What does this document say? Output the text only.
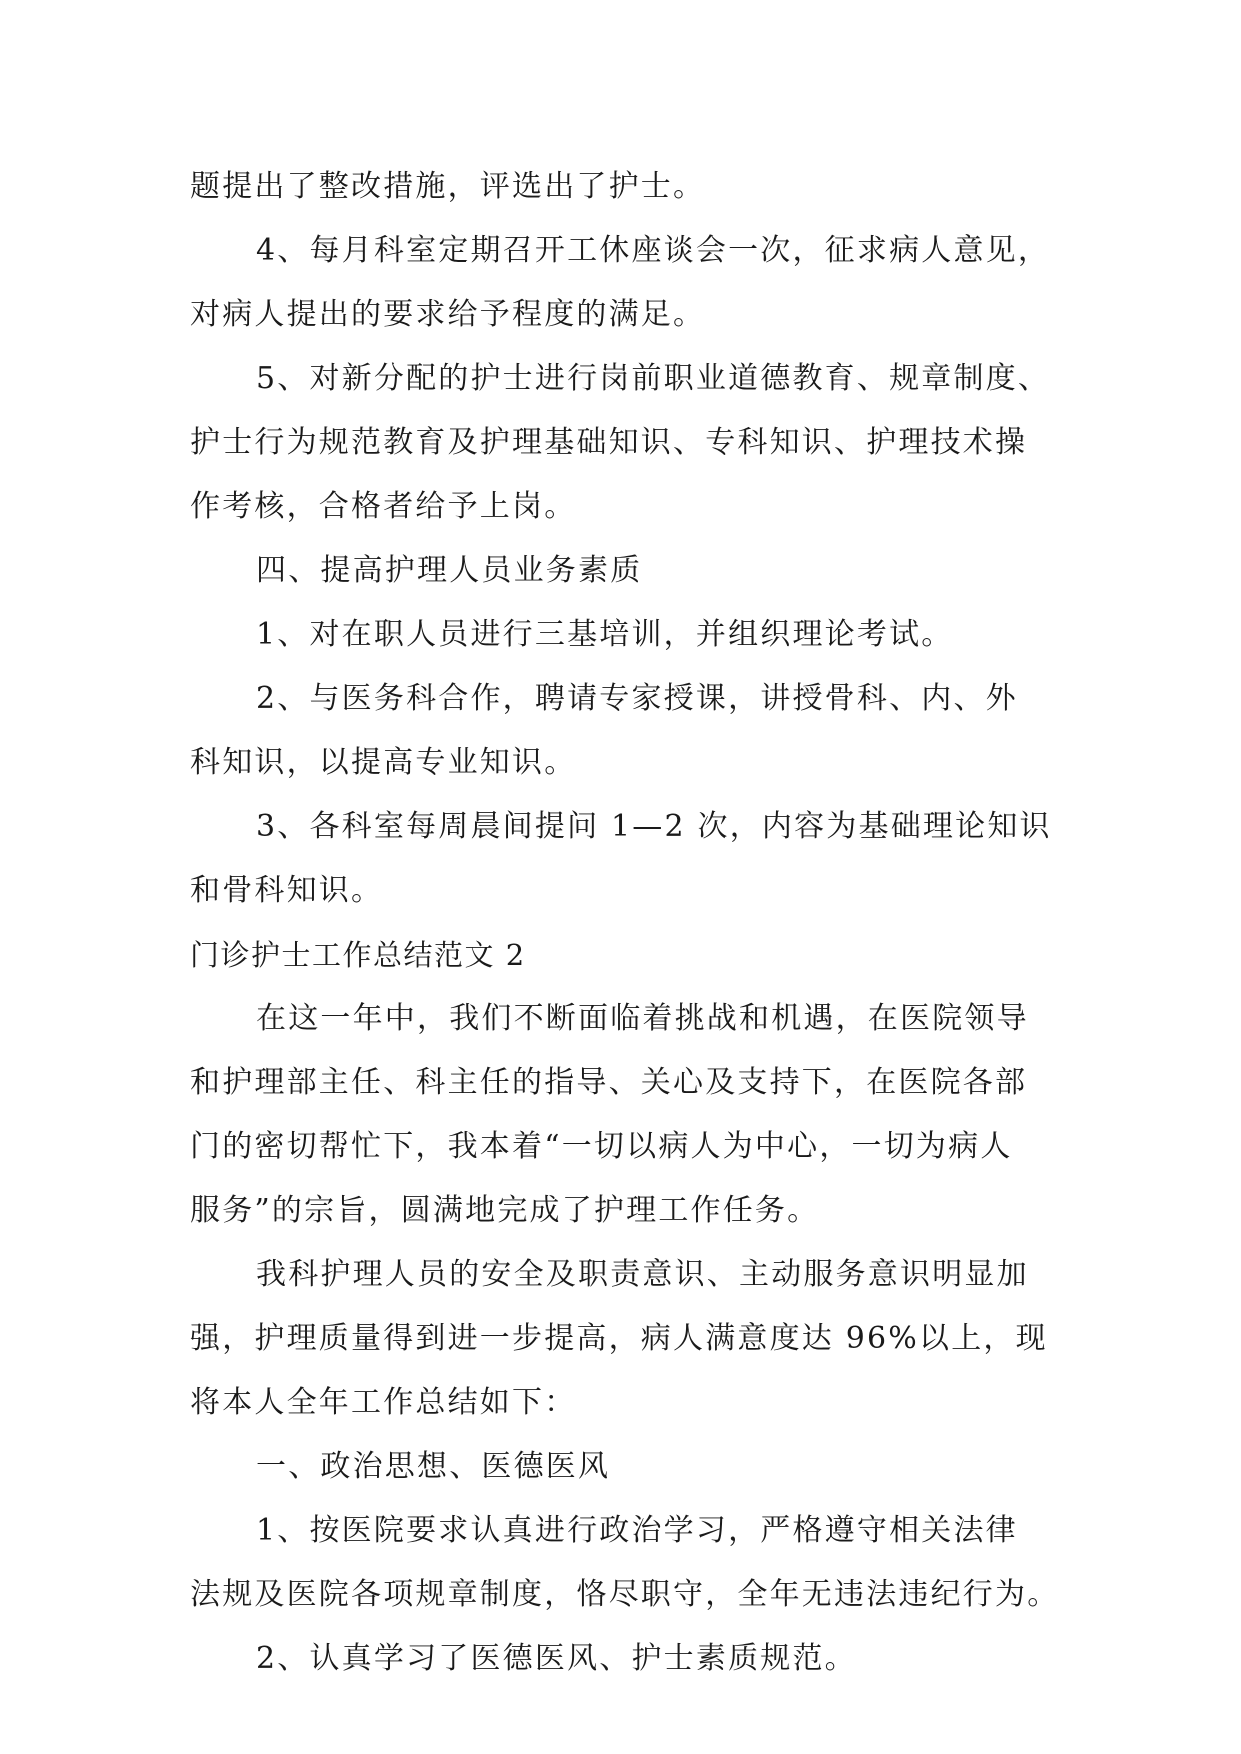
题提出了整改措施，评选出了护士。
4、每月科室定期召开工休座谈会一次，征求病人意见，
对病人提出的要求给予程度的满足。
5、对新分配的护士进行岗前职业道德教育、规章制度、
护士行为规范教育及护理基础知识、专科知识、护理技术操
作考核，合格者给予上岗。
四、提高护理人员业务素质
1、对在职人员进行三基培训，并组织理论考试。
2、与医务科合作，聘请专家授课，讲授骨科、内、外
科知识，以提高专业知识。
3、各科室每周晨间提问 1—2 次，内容为基础理论知识
和骨科知识。
门诊护士工作总结范文 2
在这一年中，我们不断面临着挑战和机遇，在医院领导
和护理部主任、科主任的指导、关心及支持下，在医院各部
门的密切帮忙下，我本着“一切以病人为中心，一切为病人
服务”的宗旨，圆满地完成了护理工作任务。
我科护理人员的安全及职责意识、主动服务意识明显加
强，护理质量得到进一步提高，病人满意度达 96%以上，现
将本人全年工作总结如下：
一、政治思想、医德医风
1、按医院要求认真进行政治学习，严格遵守相关法律
法规及医院各项规章制度，恪尽职守，全年无违法违纪行为。
2、认真学习了医德医风、护士素质规范。
